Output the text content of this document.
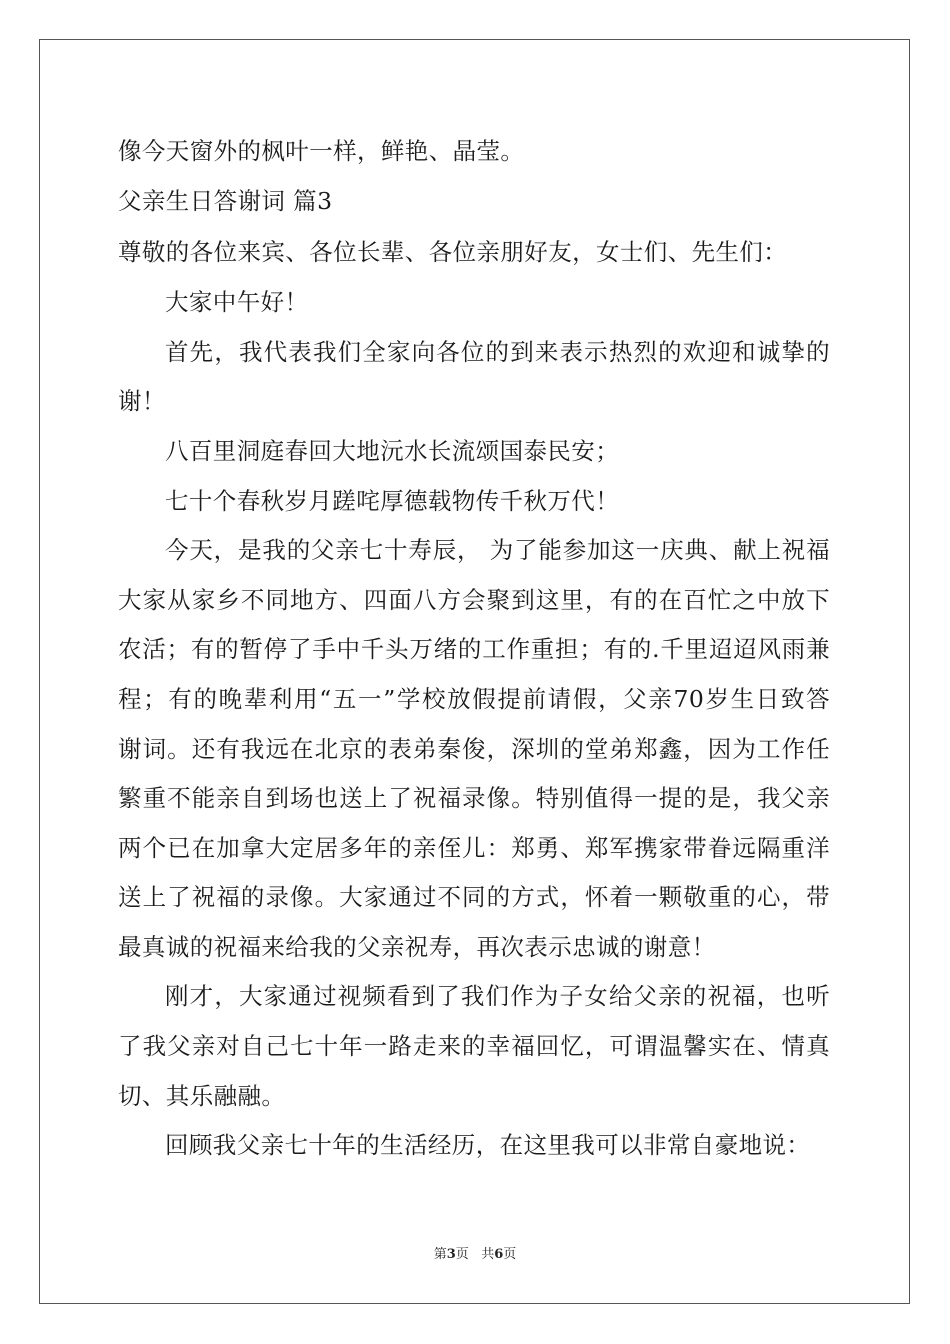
像今天窗外的枫叶一样，鲜艳、晶莹。
父亲生日答谢词 篇3
尊敬的各位来宾、各位长辈、各位亲朋好友，女士们、先生们：
大家中午好！
首先，我代表我们全家向各位的到来表示热烈的欢迎和诚挚的
谢！
八百里洞庭春回大地沅水长流颂国泰民安；
七十个春秋岁月蹉咤厚德载物传千秋万代！
今天，是我的父亲七十寿辰， 为了能参加这一庆典、献上祝福
大家从家乡不同地方、四面八方会聚到这里，有的在百忙之中放下
农活；有的暂停了手中千头万绪的工作重担；有的.千里迢迢风雨兼
程；有的晚辈利用“五一”学校放假提前请假，父亲70岁生日致答
谢词。还有我远在北京的表弟秦俊，深圳的堂弟郑鑫，因为工作任
繁重不能亲自到场也送上了祝福录像。特别值得一提的是，我父亲
两个已在加拿大定居多年的亲侄儿：郑勇、郑军携家带眷远隔重洋
送上了祝福的录像。大家通过不同的方式，怀着一颗敬重的心，带
最真诚的祝福来给我的父亲祝寿，再次表示忠诚的谢意！
刚才，大家通过视频看到了我们作为子女给父亲的祝福，也听
了我父亲对自己七十年一路走来的幸福回忆，可谓温馨实在、情真
切、其乐融融。
回顾我父亲七十年的生活经历，在这里我可以非常自豪地说：
第3页 共6页
